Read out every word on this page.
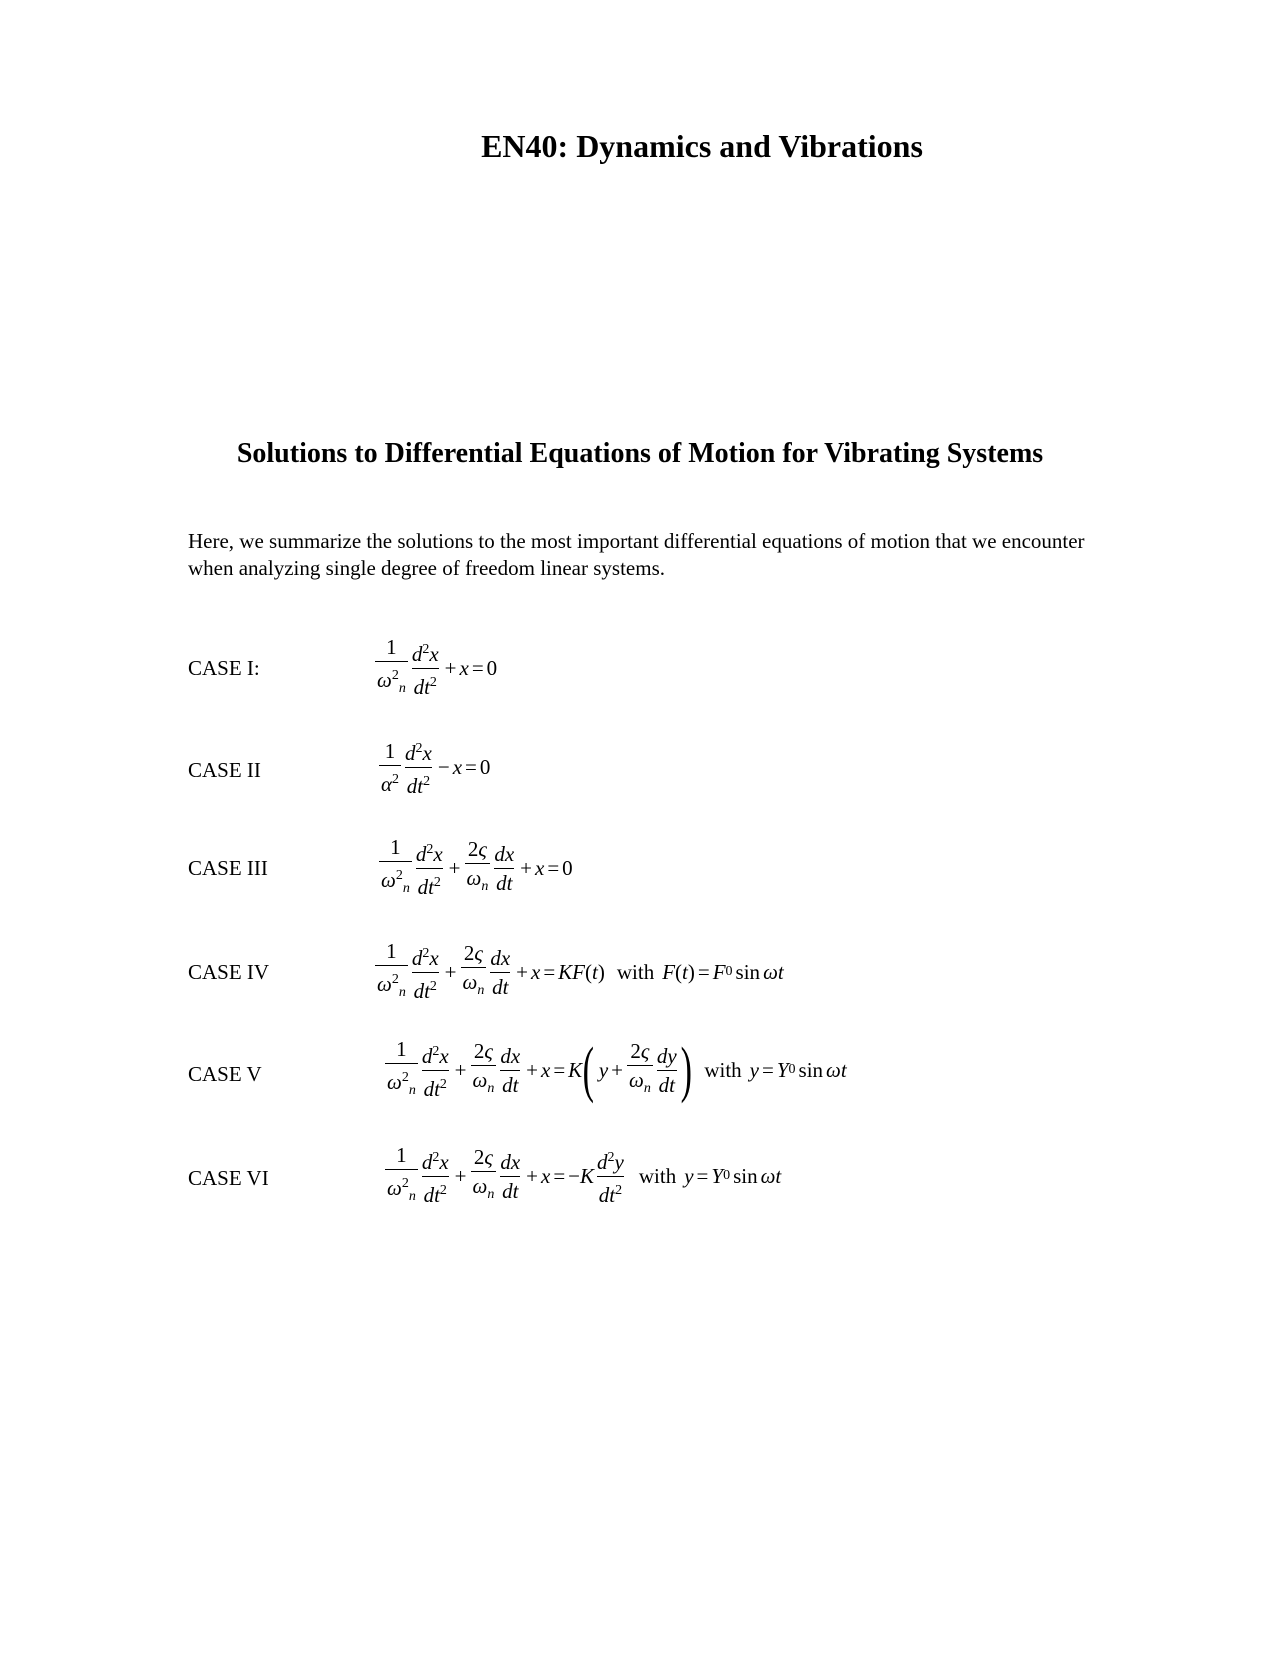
EN40: Dynamics and Vibrations
Solutions to Differential Equations of Motion for Vibrating Systems

Here, we summarize the solutions to the most important differential equations of motion that we encounter when analyzing single degree of freedom linear systems.

CASE I:	$\frac{1}{\omega^2_n} \frac{d^2x}{dt^2} + x = 0$
CASE II	$\frac{1}{\alpha^2} \frac{d^2x}{dt^2} - x = 0$
CASE III	$\frac{1}{\omega^2_n} \frac{d^2x}{dt^2} + \frac{2\varsigma}{\omega_n} \frac{dx}{dt} + x = 0$
CASE IV	$\frac{1}{\omega^2_n} \frac{d^2x}{dt^2} + \frac{2\varsigma}{\omega_n} \frac{dx}{dt} + x$ = KF ( t ) with F ( t ) = F 0 sin ωt
CASE V	$\frac{1}{\omega^2_n} \frac{d^2x}{dt^2} + \frac{2\varsigma}{\omega_n} \frac{dx}{dt} + x = K$ ( $y + \frac{2\varsigma}{\omega_n} \frac{dy}{dt}$ ) with y = Y 0 sin ωt
CASE VI	$\frac{1}{\omega^2_n} \frac{d^2x}{dt^2} + \frac{2\varsigma}{\omega_n} \frac{dx}{dt} + x$ = − K $\frac{d^2y}{dt^2}$ with y = Y 0 sin ωt
